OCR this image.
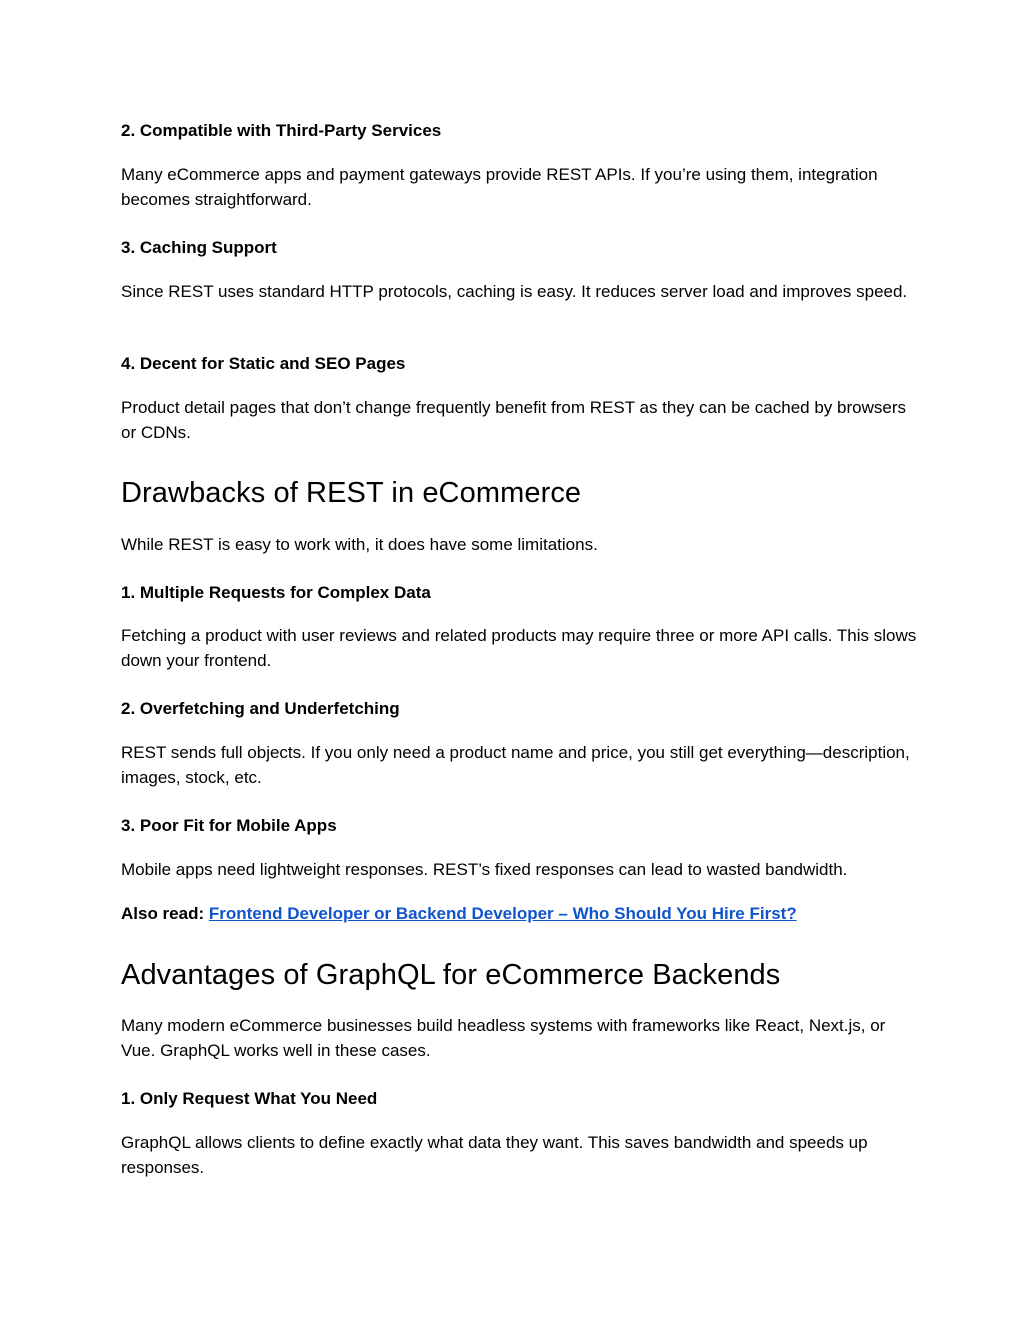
2. Compatible with Third-Party Services

Many eCommerce apps and payment gateways provide REST APIs. If you’re using them, integration becomes straightforward.

3. Caching Support

Since REST uses standard HTTP protocols, caching is easy. It reduces server load and improves speed.

4. Decent for Static and SEO Pages

Product detail pages that don’t change frequently benefit from REST as they can be cached by browsers or CDNs.

Drawbacks of REST in eCommerce

While REST is easy to work with, it does have some limitations.

1. Multiple Requests for Complex Data

Fetching a product with user reviews and related products may require three or more API calls. This slows down your frontend.

2. Overfetching and Underfetching

REST sends full objects. If you only need a product name and price, you still get everything—description, images, stock, etc.

3. Poor Fit for Mobile Apps

Mobile apps need lightweight responses. REST’s fixed responses can lead to wasted bandwidth.

Also read: Frontend Developer or Backend Developer – Who Should You Hire First?

Advantages of GraphQL for eCommerce Backends

Many modern eCommerce businesses build headless systems with frameworks like React, Next.js, or Vue. GraphQL works well in these cases.

1. Only Request What You Need

GraphQL allows clients to define exactly what data they want. This saves bandwidth and speeds up responses.
